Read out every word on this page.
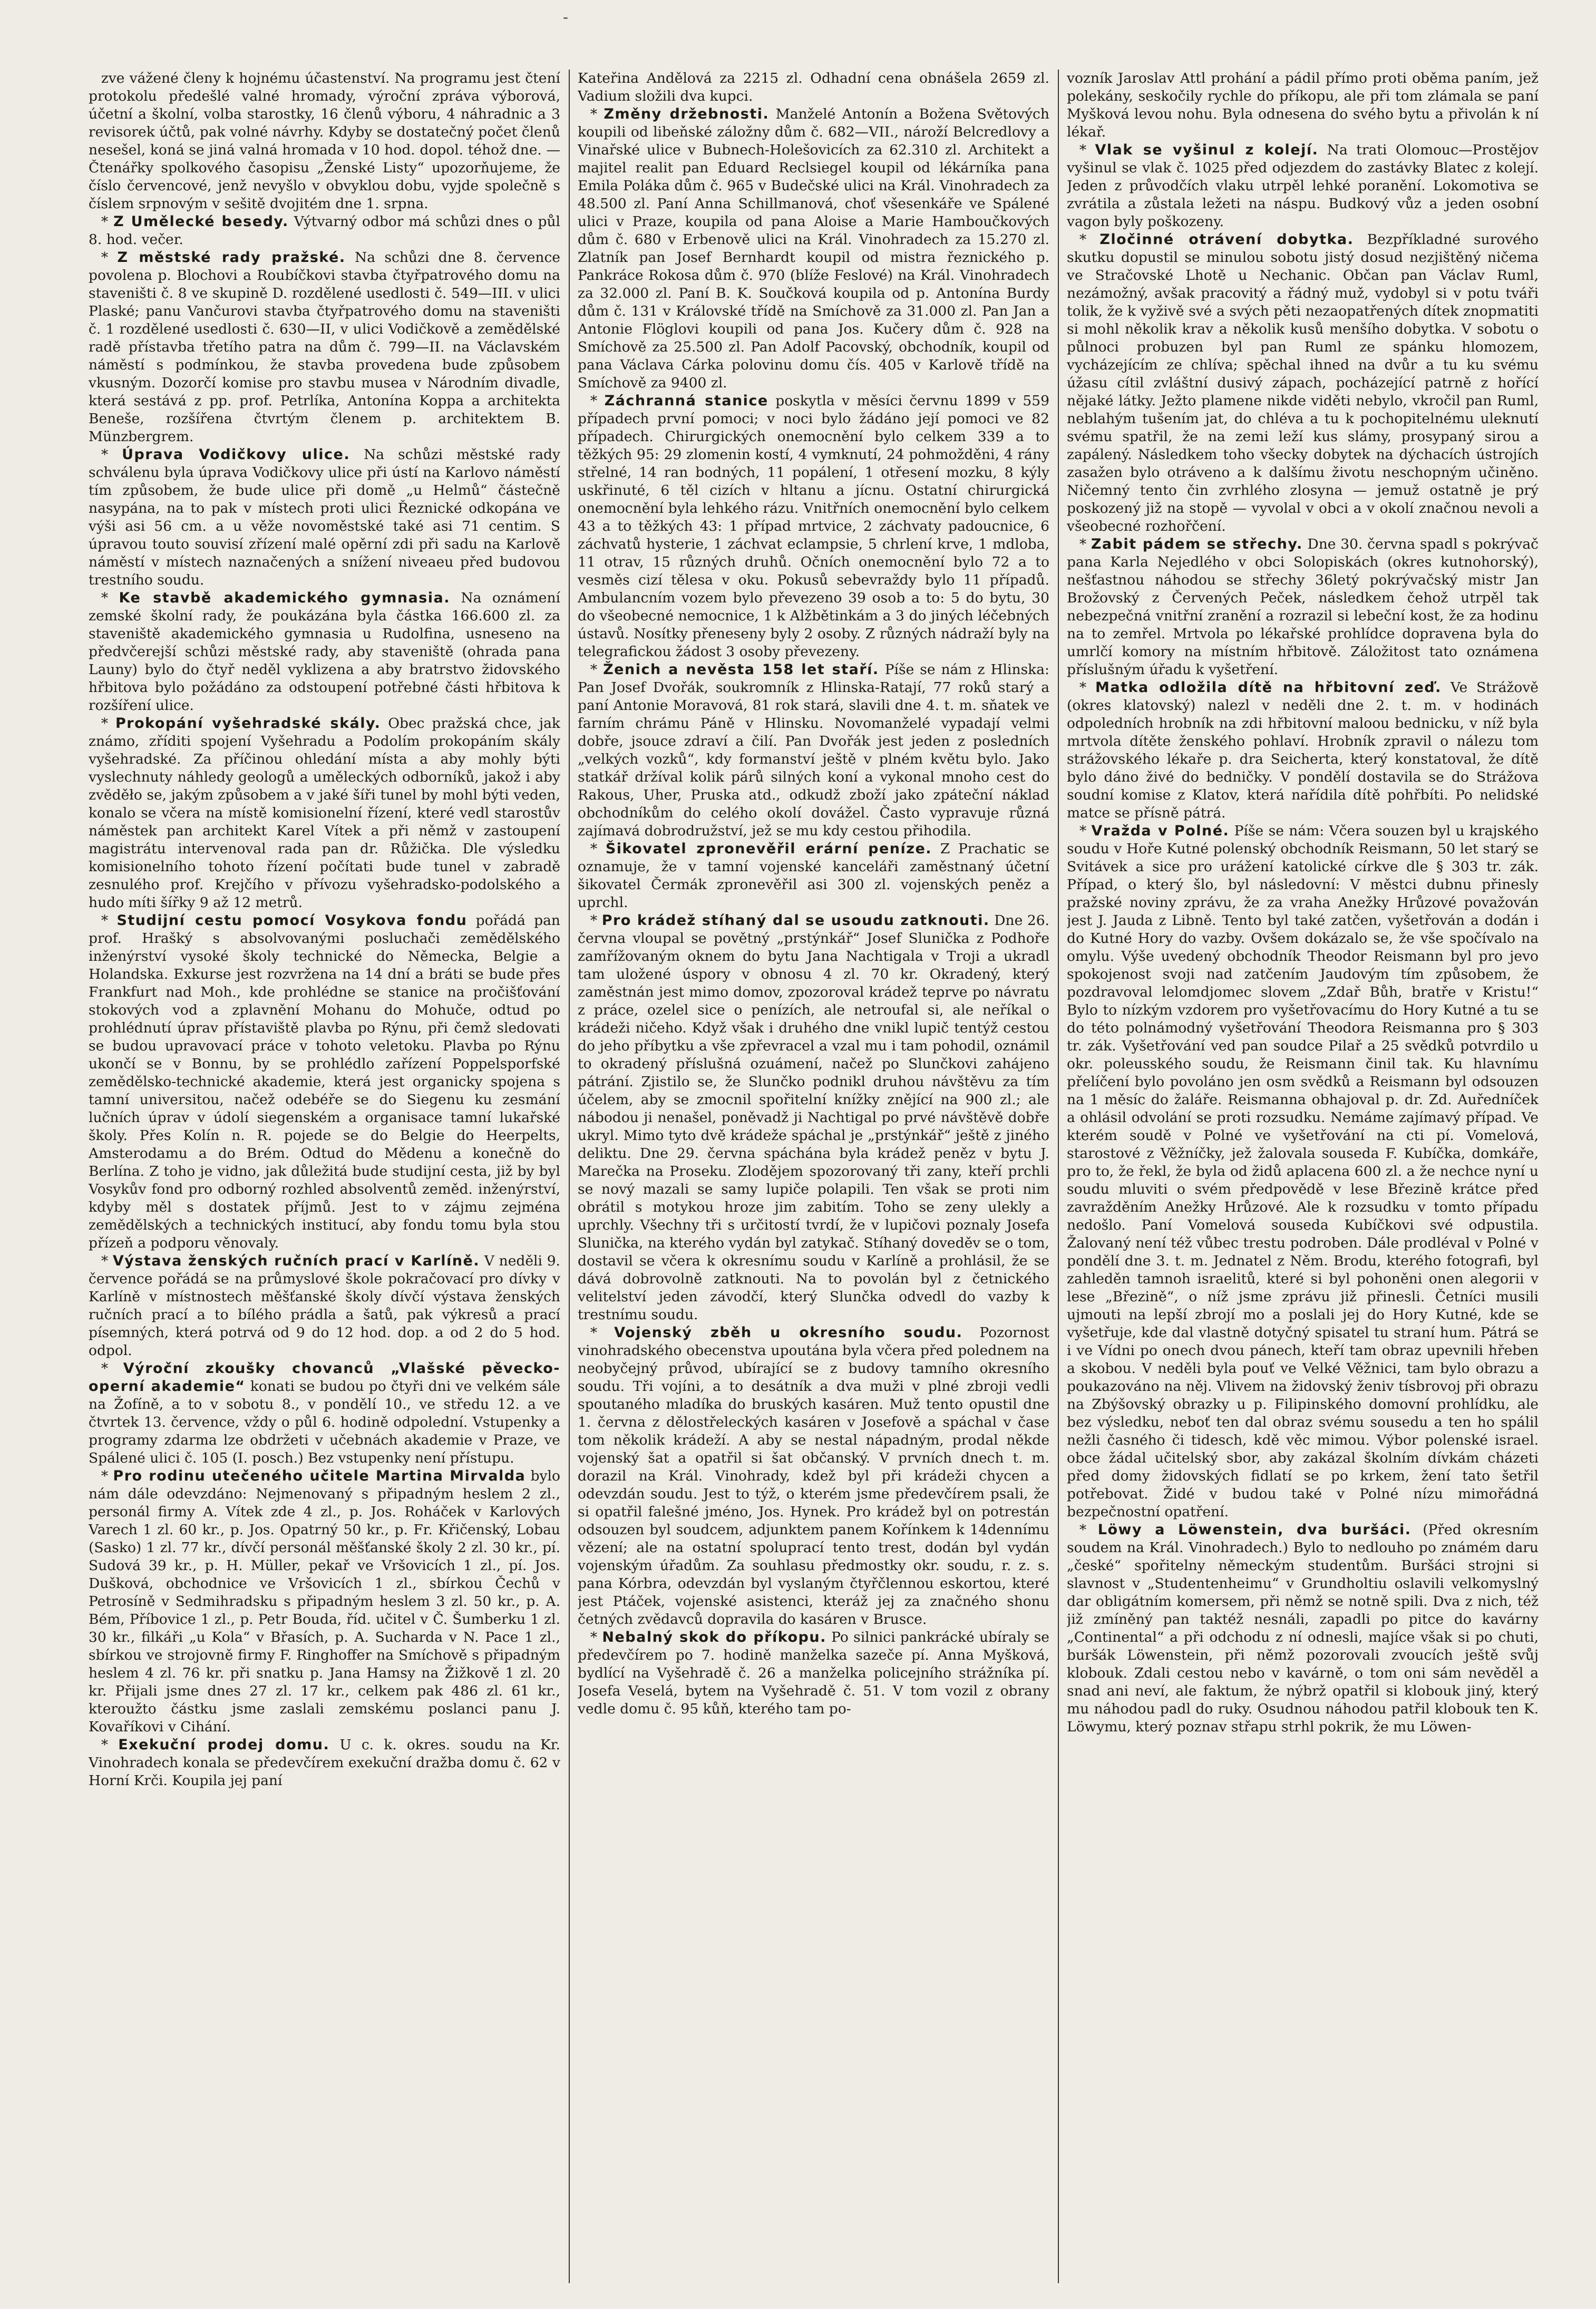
-

zve vážené členy k hojnému účastenství. Na programu jest čtení protokolu předešlé valné hromady, výroční zpráva výborová, účetní a školní, volba starostky, 16 členů výboru, 4 náhradnic a 3 revisorek účtů, pak volné návrhy. Kdyby se dostatečný počet členů nesešel, koná se jiná valná hromada v 10 hod. dopol. téhož dne. — Čtenářky spolkového časopisu „Ženské Listy“ upozorňujeme, že číslo červencové, jenž nevyšlo v obvyklou dobu, vyjde společně s číslem srpnovým v sešitě dvojitém dne 1. srpna.

* Z Umělecké besedy. Výtvarný odbor má schůzi dnes o půl 8. hod. večer.

* Z městské rady pražské. Na schůzi dne 8. července povolena p. Blochovi a Roubíčkovi stavba čtyřpatrového domu na staveništi č. 8 ve skupině D. rozdělené usedlosti č. 549—III. v ulici Plaské; panu Vančurovi stavba čtyřpatrového domu na staveništi č. 1 rozdělené usedlosti č. 630—II, v ulici Vodičkově a zemědělské radě přístavba třetího patra na dům č. 799—II. na Václavském náměstí s podmínkou, že stavba provedena bude způsobem vkusným. Dozorčí komise pro stavbu musea v Národním divadle, která sestává z pp. prof. Petrlíka, Antonína Koppa a architekta Beneše, rozšířena čtvrtým členem p. architektem B. Münzbergrem.

* Úprava Vodičkovy ulice. Na schůzi městské rady schválenu byla úprava Vodičkovy ulice při ústí na Karlovo náměstí tím způsobem, že bude ulice při domě „u Helmů“ částečně nasypána, na to pak v místech proti ulici Řeznické odkopána ve výši asi 56 cm. a u věže novoměstské také asi 71 centim. S úpravou touto souvisí zřízení malé opěrní zdi při sadu na Karlově náměstí v místech naznačených a snížení nivеaeu před budovou trestního soudu.

* Ke stavbě akademického gymnasia. Na oznámení zemské školní rady, že poukázána byla částka 166.600 zl. za staveniště akademického gymnasia u Rudolfina, usneseno na předvčerejší schůzi městské rady, aby staveniště (ohrada pana Launy) bylo do čtyř neděl vyklizena a aby bratrstvo židovského hřbitova bylo požádáno za odstoupení potřebné části hřbitova k rozšíření ulice.

* Prokopání vyšehradské skály. Obec pražská chce, jak známo, zříditi spojení Vyšehradu a Podolím prokopáním skály vyšehradské. Za příčinou ohledání místa a aby mohly býti vyslechnuty náhledy geologů a uměleckých odborníků, jakož i aby zvěděło se, jakým způsobem a v jaké šíři tunel by mohl býti veden, konalo se včera na místě komisionelní řízení, které vedl starostův náměstek pan architekt Karel Vítek a při němž v zastoupení magistrátu intervenoval rada pan dr. Růžička. Dle výsledku komisionelního tohoto řízení počítati bude tunel v zabradě zesnulého prof. Krejčího v přívozu vyšehradsko-podolského a hudo míti šířky 9 až 12 metrů.

* Studijní cestu pomocí Vosykova fondu pořádá pan prof. Hrašký s absolvovanými posluchači zemědělského inženýrství vysoké školy technické do Německa, Belgie a Holandska. Exkurse jest rozvržena na 14 dní a bráti se bude přes Frankfurt nad Moh., kde prohlédne se stanice na pročišťování stokových vod a zplavnění Mohanu do Mohuče, odtud po prohlédnutí úprav přístaviště plavba po Rýnu, při čemž sledovati se budou upravovací práce v tohoto veletoku. Plavba po Rýnu ukončí se v Bonnu, by se prohlédlo zařízení Poppelsporfské zemědělsko-technické akademie, která jest organicky spojena s tamní universitou, načež odebéře se do Siegenu ku zesmání lučních úprav v údolí siegenském a organisace tamní lukařské školy. Přes Kolín n. R. pojede se do Belgie do Heerpelts, Amsterodamu a do Brém. Odtud do Mědenu a konečně do Berlína. Z toho je vidno, jak důležitá bude studijní cesta, již by byl Vosykův fond pro odborný rozhled absolventů zeměd. inženýrství, kdyby měl s dostatek příjmů. Jest to v zájmu zejména zemědělských a technických institucí, aby fondu tomu byla stou přízeň a podporu věnovaly.

* Výstava ženských ručních prací v Karlíně. V neděli 9. července pořádá se na průmyslové škole pokračovací pro dívky v Karlíně v místnostech měšťanské školy dívčí výstava ženských ručních prací a to bílého prádla a šatů, pak výkresů a prací písemných, která potrvá od 9 do 12 hod. dop. a od 2 do 5 hod. odpol.

* Výroční zkoušky chovanců „Vlašské pěvecko-operní akademie“ konati se budou po čtyři dni ve velkém sále na Žofíně, a to v sobotu 8., v pondělí 10., ve středu 12. a ve čtvrtek 13. července, vždy o půl 6. hodině odpolední. Vstupenky a programy zdarma lze obdržeti v učebnách akademie v Praze, ve Spálené ulici č. 105 (I. posch.) Bez vstupenky není přístupu.

* Pro rodinu utečeného učitele Martina Mirvalda bylo nám dále odevzdáno: Nejmenovaný s připadným heslem 2 zl., personál firmy A. Vítek zde 4 zl., p. Jos. Roháček v Karlových Varech 1 zl. 60 kr., p. Jos. Opatrný 50 kr., p. Fr. Křičenský, Lobau (Sasko) 1 zl. 77 kr., dívčí personál měšťanské školy 2 zl. 30 kr., pí. Sudová 39 kr., p. H. Müller, pekař ve Vršovicích 1 zl., pí. Jos. Dušková, obchodnice ve Vršovicích 1 zl., sbírkou Čechů v Petrosíně v Sedmihradsku s připadným heslem 3 zl. 50 kr., p. A. Bém, Příbovice 1 zl., p. Petr Bouda, říd. učitel v Č. Šumberku 1 zl. 30 kr., filkáři „u Kola“ v Břasích, p. A. Sucharda v N. Pace 1 zl., sbírkou ve strojovně firmy F. Ringhoffer na Smíchově s připadným heslem 4 zl. 76 kr. při snatku p. Jana Hamsy na Žižkově 1 zl. 20 kr. Přijali jsme dnes 27 zl. 17 kr., celkem pak 486 zl. 61 kr., kteroužto částku jsme zaslali zemskému poslanci panu J. Kovaříkovi v Cihání.

* Exekuční prodej domu. U c. k. okres. soudu na Kr. Vinohradech konala se předevčírem exekuční dražba domu č. 62 v Horní Krči. Koupila jej paní

Kateřina Andělová za 2215 zl. Odhadní cena obnášela 2659 zl. Vadium složili dva kupci.

* Změny držebnosti. Manželé Antonín a Božena Světových koupili od libeňské záložny dům č. 682—VII., nároží Belcredlovy a Vinařské ulice v Bubnech-Holešovicích za 62.310 zl. Architekt a majitel realit pan Eduard Reclsiegel koupil od lékárníka pana Emila Poláka dům č. 965 v Budečské ulici na Král. Vinohradech za 48.500 zl. Paní Anna Schillmanová, choť všesenkáře ve Spálené ulici v Praze, koupila od pana Aloise a Marie Hamboučkových dům č. 680 v Erbenově ulici na Král. Vinohradech za 15.270 zl. Zlatník pan Josef Bernhardt koupil od mistra řeznického p. Pankráce Rokosa dům č. 970 (blíže Feslové) na Král. Vinohradech za 32.000 zl. Paní B. K. Součková koupila od p. Antonína Burdy dům č. 131 v Královské třídě na Smíchově za 31.000 zl. Pan Jan a Antonie Flöglovi koupili od pana Jos. Kučery dům č. 928 na Smíchově za 25.500 zl. Pan Adolf Pacovský, obchodník, koupil od pana Václava Cárka polovinu domu čís. 405 v Karlově třídě na Smíchově za 9400 zl.

* Záchranná stanice poskytla v měsíci červnu 1899 v 559 případech první pomoci; v noci bylo žádáno její pomoci ve 82 případech. Chirurgických onemocnění bylo celkem 339 a to těžkých 95: 29 zlomenin kostí, 4 vymknutí, 24 pohmožděni, 4 rány střelné, 14 ran bodných, 11 popálení, 1 otřesení mozku, 8 kýly uskřinuté, 6 těl cizích v hltanu a jícnu. Ostatní chirurgická onemocnění byla lehkého rázu. Vnitřních onemocnění bylo celkem 43 a to těžkých 43: 1 případ mrtvice, 2 záchvaty padoucnice, 6 záchvatů hysterie, 1 záchvat eclampsie, 5 chrlení krve, 1 mdloba, 11 otrav, 15 různých druhů. Očních onemocnění bylo 72 a to vesměs cizí tělesa v oku. Pokusů sebevraždy bylo 11 případů. Ambulancním vozem bylo převezeno 39 osob a to: 5 do bytu, 30 do všeobecné nemocnice, 1 k Alžbětinkám a 3 do jiných léčebných ústavů. Nosítky přeneseny byly 2 osoby. Z různých nádraží byly na telegrafickou žádost 3 osoby převezeny.

* Ženich a nevěsta 158 let staří. Píše se nám z Hlinska: Pan Josef Dvořák, soukromník z Hlinska-Ratají, 77 roků starý a paní Antonie Moravová, 81 rok stará, slavili dne 4. t. m. sňatek ve farním chrámu Páně v Hlinsku. Novomanželé vypadají velmi dobře, jsouce zdraví a čilí. Pan Dvořák jest jeden z posledních „velkých vozků“, kdy formanství ještě v plném květu bylo. Jako statkář držíval kolik párů silných koní a vykonal mnoho cest do Rakous, Uher, Pruska atd., odkudž zboží jako zpáteční náklad obchodníkům do celého okolí dovážel. Často vypravuje různá zajímavá dobrodružství, jež se mu kdy cestou přihodila.

* Šikovatel zpronevěřil erární peníze. Z Prachatic se oznamuje, že v tamní vojenské kanceláři zaměstnaný účetní šikovatel Čermák zpronevěřil asi 300 zl. vojenských peněz a uprchl.

* Pro krádež stíhaný dal se usoudu zatknouti. Dne 26. června vloupal se povětný „prstýnkář“ Josef Slunička z Podhoře zamřížovaným oknem do bytu Jana Nachtigala v Troji a ukradl tam uložené úspory v obnosu 4 zl. 70 kr. Okradený, který zaměstnán jest mimo domov, zpozoroval krádež teprve po návratu z práce, ozelel sice o penízích, ale netroufal si, ale neříkal o krádeži ničeho. Když však i druhého dne vnikl lupič tentýž cestou do jeho příbytku a vše zpřevracel a vzal mu i tam pohodil, oznámil to okradený příslušná ozuámení, načež po Slunčkovi zahájeno pátrání. Zjistilo se, že Slunčko podnikl druhou návštěvu za tím účelem, aby se zmocnil spořitelní knížky znějící na 900 zl.; ale nábodou ji nenašel, poněvadž ji Nachtigal po prvé návštěvě dobře ukryl. Mimo tyto dvě krádeže spáchal je „prstýnkář“ ještě z jiného deliktu. Dne 29. června spáchána byla krádež peněz v bytu J. Marečka na Proseku. Zlodějem spozorovaný tři zany, kteří prchli se nový mazali se samy lupiče polapili. Ten však se proti nim obrátil s motykou hroze jim zabitím. Toho se zeny ulekly a uprchly. Všechny tři s určitostí tvrdí, že v lupičovi poznaly Josefa Slunička, na kterého vydán byl zatykač. Stíhaný doveděv se o tom, dostavil se včera k okresnímu soudu v Karlíně a prohlásil, že se dává dobrovolně zatknouti. Na to povolán byl z četnického velitelství jeden závodčí, který Slunčka odvedl do vazby k trestnímu soudu.

* Vojenský zběh u okresního soudu. Pozornost vinohradského obecenstva upoutána byla včera před polednem na neobyčejný průvod, ubírající se z budovy tamního okresního soudu. Tři vojíni, a to desátník a dva muži v plné zbroji vedli spoutaného mladíka do bruských kasáren. Muž tento opustil dne 1. června z dělostřeleckých kasáren v Josefově a spáchal v čase tom několik krádeží. A aby se nestal nápadným, prodal někde vojenský šat a opatřil si šat občanský. V prvních dnech t. m. dorazil na Král. Vinohrady, kdež byl při krádeži chycen a odevzdán soudu. Jest to týž, o kterém jsme předevčírem psali, že si opatřil falešné jméno, Jos. Hynek. Pro krádež byl on potrestán odsouzen byl soudcem, adjunktem panem Kořínkem k 14dennímu vězení; ale na ostatní spoluprací tento trest, dodán byl vydán vojenským úřadům. Za souhlasu předmostky okr. soudu, r. z. s. pana Kórbra, odevzdán byl vyslaným čtyřčlennou eskortou, které jest Ptáček, vojenské asistenci, kteráž jej za značného shonu četných zvědavců dopravila do kasáren v Brusce.

* Nebalný skok do příkopu. Po silnici pankrácké ubíraly se předevčírem po 7. hodině manželka sazeče pí. Anna Myšková, bydlící na Vyšehradě č. 26 a manželka policejního strážníka pí. Josefa Veselá, bytem na Vyšehradě č. 51. V tom vozil z obrany vedle domu č. 95 kůň, kterého tam po-

vozník Jaroslav Attl prohání a pádil přímo proti oběma paním, jež polekány, seskočily rychle do příkopu, ale při tom zlámala se paní Myšková levou nohu. Byla odnesena do svého bytu a přivolán k ní lékař.

* Vlak se vyšinul z kolejí. Na trati Olomouc—Prostějov vyšinul se vlak č. 1025 před odjezdem do zastávky Blatec z kolejí. Jeden z průvodčích vlaku utrpěl lehké poranění. Lokomotiva se zvrátila a zůstala ležeti na náspu. Budkový vůz a jeden osobní vagon byly poškozeny.

* Zločinné otrávení dobytka. Bezpříkladné surového skutku dopustil se minulou sobotu jistý dosud nezjištěný ničema ve Stračovské Lhotě u Nechanic. Občan pan Václav Ruml, nezámožný, avšak pracovitý a řádný muž, vydobyl si v potu tváři tolik, že k vyživě své a svých pěti nezaopatřených dítek znopmatiti si mohl několik krav a několik kusů menšího dobytka. V sobotu o půlnoci probuzen byl pan Ruml ze spánku hlomozem, vycházejícím ze chlíva; spěchal ihned na dvůr a tu ku svému úžasu cítil zvláštní dusivý zápach, pocházející patrně z hořící nějaké látky. Ježto plamene nikde viděti nebylo, vkročil pan Ruml, neblahým tušením jat, do chléva a tu k pochopitelnému uleknutí svému spatřil, že na zemi leží kus slámy, prosypaný sirou a zapálený. Následkem toho všecky dobytek na dýchacích ústrojích zasažen bylo otráveno a k dalšímu životu neschopným učiněno. Ničemný tento čin zvrhlého zlosyna — jemuž ostatně je prý poskozený již na stopě — vyvolal v obci a v okolí značnou nevoli a všeobecné rozhořčení.

* Zabit pádem se střechy. Dne 30. června spadl s pokrývač pana Karla Nejedlého v obci Solopiskách (okres kutnohorský), nešťastnou náhodou se střechy 36letý pokrývačský mistr Jan Brožovský z Červených Peček, následkem čehož utrpěl tak nebezpečná vnitřní zranění a rozrazil si lebeční kost, že za hodinu na to zemřel. Mrtvola po lékařské prohlídce dopravena byla do umrlčí komory na místním hřbitově. Záložitost tato oznámena příslušným úřadu k vyšetření.

* Matka odložila dítě na hřbitovní zeď. Ve Strážově (okres klatovský) nalezl v neděli dne 2. t. m. v hodinách odpoledních hrobník na zdi hřbitovní maloou bednicku, v níž byla mrtvola dítěte ženského pohlaví. Hrobník zpravil o nálezu tom strážovského lékaře p. dra Seicherta, který konstatoval, že dítě bylo dáno živé do bedničky. V pondělí dostavila se do Strážova soudní komise z Klatov, která nařídila dítě pohřbíti. Po nelidské matce se přísně pátrá.

* Vražda v Polné. Píše se nám: Včera souzen byl u krajského soudu v Hoře Kutné polenský obchodník Reismann, 50 let starý se Svitávek a sice pro urážení katolické církve dle § 303 tr. zák. Případ, o který šlo, byl následovní: V městci dubnu přinesly pražské noviny zprávu, že za vraha Anežky Hrůzové považován jest J. Jauda z Libně. Tento byl také zatčen, vyšetřován a dodán i do Kutné Hory do vazby. Ovšem dokázalo se, že vše spočívalo na omylu. Výše uvedený obchodník Theodor Reismann byl pro jevo spokojenost svoji nad zatčením Jaudovým tím způsobem, že pozdravoval lelomdjomec slovem „Zdař Bůh, bratře v Kristu!“ Bylo to nízkým vzdorem pro vyšetřovacímu do Hory Kutné a tu se do této polnámodný vyšetřování Theodora Reismanna pro § 303 tr. zák. Vyšetřování ved pan soudce Pilař a 25 svědků potvrdilo u okr. poleusského soudu, že Reismann činil tak. Ku hlavnímu přelíčení bylo povoláno jen osm svědků a Reismann byl odsouzen na 1 měsíc do žaláře. Reismanna obhajoval p. dr. Zd. Auředníček a ohlásil odvolání se proti rozsudku. Nemáme zajímavý případ. Ve kterém soudě v Polné ve vyšetřování na cti pí. Vomelová, starostové z Věžníčky, jež žalovala souseda F. Kubíčka, domkáře, pro to, že řekl, že byla od židů aplacena 600 zl. a že nechce nyní u soudu mluviti o svém předpovědě v lese Březině krátce před zavražděním Anežky Hrůzové. Ale k rozsudku v tomto případu nedošlo. Paní Vomelová souseda Kubíčkovi své odpustila. Žalovaný není též vůbec trestu podroben. Dále prodléval v Polné v pondělí dne 3. t. m. Jednatel z Něm. Brodu, kterého fotografi, byl zahleděn tamnoh israelitů, které si byl pohoněni onen alegorii v lese „Březině“, o níž jsme zprávu již přinesli. Četníci musili ujmouti na lepší zbrojí mo a poslali jej do Hory Kutné, kde se vyšetřuje, kde dal vlastně dotyčný spisatel tu straní hum. Pátrá se i ve Vídni po onech dvou pánech, kteří tam obraz upevnili hřeben a skobou. V neděli byla pouť ve Velké Věžnici, tam bylo obrazu a poukazováno na něj. Vlivem na židovský ženiv tísbrovoj při obrazu na Zbýšovský obrazky u p. Filipinského domovní prohlídku, ale bez výsledku, neboť ten dal obraz svému sousedu a ten ho spálil nežli časného či tidesch, kdě věc mimou. Výbor polenské israel. obce žádal učitelský sbor, aby zakázal školním dívkám cházeti před domy židovských fidlatí se po krkem, žení tato šetřil potřebovat. Židé v budou také v Polné nízu mimořádná bezpečnostní opatření.

* Löwy a Löwenstein, dva buršáci. (Před okresním soudem na Král. Vinohradech.) Bylo to nedlouho po známém daru „české“ spořitelny německým studentům. Buršáci strojni si slavnost v „Studentenheimu“ v Grundholtiu oslavili velkomyslný dar obligátním komersem, při němž se notně spili. Dva z nich, též již zmíněný pan taktéž nesnáli, zapadli po pitce do kavárny „Continental“ a při odchodu z ní odnesli, majíce však si po chuti, buršák Löwenstein, při němž pozorovali zvoucích ještě svůj klobouk. Zdali cestou nebo v kavárně, o tom oni sám nevěděl a snad ani neví, ale faktum, že nýbrž opatřil si klobouk jiný, který mu náhodou padl do ruky. Osudnou náhodou patřil klobouk ten K. Löwymu, který poznav střapu strhl pokrik, že mu Löwen-
